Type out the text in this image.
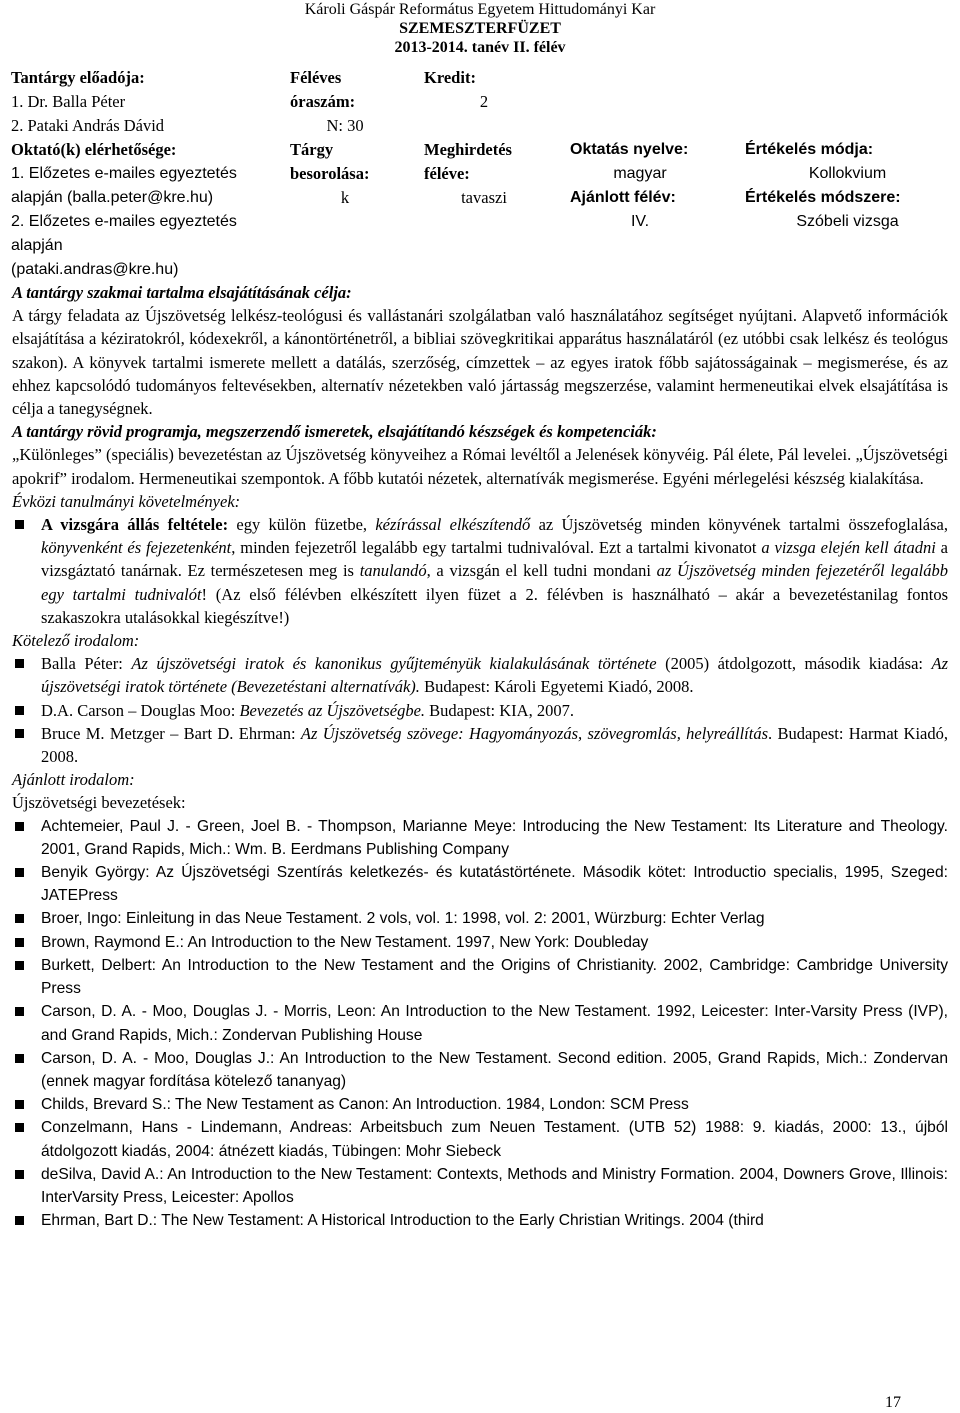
Károli Gáspár Református Egyetem Hittudományi Kar
SZEMESZTERFÜZET
2013-2014. tanév II. félév
Tantárgy előadója:
1. Dr. Balla Péter
2. Pataki András Dávid
Oktató(k) elérhetősége:
1. Előzetes e-mailes egyeztetés
alapján (balla.peter@kre.hu)
2. Előzetes e-mailes egyeztetés
alapján
(pataki.andras@kre.hu)
Féléves
óraszám:
N: 30
Tárgy
besorolása:
k
Kredit:
2
Meghirdetés
féléve:
tavaszi
Oktatás nyelve:
magyar
Ajánlott félév:
IV.
Értékelés módja:
Kollokvium
Értékelés módszere:
Szóbeli vizsga
A tantárgy szakmai tartalma elsajátításának célja:
A tárgy feladata az Újszövetség lelkész-teológusi és vallástanári szolgálatban való használatához segítséget nyújtani. Alapvető információk elsajátítása a kéziratokról, kódexekről, a kánontörténetről, a bibliai szövegkritikai apparátus használatáról (ez utóbbi csak lelkész és teológus szakon). A könyvek tartalmi ismerete mellett a datálás, szerzőség, címzettek – az egyes iratok főbb sajátosságainak – megismerése, és az ehhez kapcsolódó tudományos feltevésekben, alternatív nézetekben való jártasság megszerzése, valamint hermeneutikai elvek elsajátítása is célja a tanegységnek.
A tantárgy rövid programja, megszerzendő ismeretek, elsajátítandó készségek és kompetenciák:
„Különleges” (speciális) bevezetéstan az Újszövetség könyveihez a Római levéltől a Jelenések könyvéig. Pál élete, Pál levelei. „Újszövetségi apokrif” irodalom. Hermeneutikai szempontok. A főbb kutatói nézetek, alternatívák megismerése. Egyéni mérlegelési készség kialakítása.
Évközi tanulmányi követelmények:
A vizsgára állás feltétele: egy külön füzetbe, kézírással elkészítendő az Újszövetség minden könyvének tartalmi összefoglalása, könyvenként és fejezetenként, minden fejezetről legalább egy tartalmi tudnivalóval. Ezt a tartalmi kivonatot a vizsga elején kell átadni a vizsgáztató tanárnak. Ez természetesen meg is tanulandó, a vizsgán el kell tudni mondani az Újszövetség minden fejezetéről legalább egy tartalmi tudnivalót! (Az első félévben elkészített ilyen füzet a 2. félévben is használható – akár a bevezetéstanilag fontos szakaszokra utalásokkal kiegészítve!)
Kötelező irodalom:
Balla Péter: Az újszövetségi iratok és kanonikus gyűjteményük kialakulásának története (2005) átdolgozott, második kiadása: Az újszövetségi iratok története (Bevezetéstani alternatívák). Budapest: Károli Egyetemi Kiadó, 2008.
D.A. Carson – Douglas Moo: Bevezetés az Újszövetségbe. Budapest: KIA, 2007.
Bruce M. Metzger – Bart D. Ehrman: Az Újszövetség szövege: Hagyományozás, szövegromlás, helyreállítás. Budapest: Harmat Kiadó, 2008.
Ajánlott irodalom:
Újszövetségi bevezetések:
Achtemeier, Paul J. - Green, Joel B. - Thompson, Marianne Meye: Introducing the New Testament: Its Literature and Theology. 2001, Grand Rapids, Mich.: Wm. B. Eerdmans Publishing Company
Benyik György: Az Újszövetségi Szentírás keletkezés- és kutatástörténete. Második kötet: Introductio specialis, 1995, Szeged: JATEPress
Broer, Ingo: Einleitung in das Neue Testament. 2 vols, vol. 1: 1998, vol. 2: 2001, Würzburg: Echter Verlag
Brown, Raymond E.: An Introduction to the New Testament. 1997, New York: Doubleday
Burkett, Delbert: An Introduction to the New Testament and the Origins of Christianity. 2002, Cambridge: Cambridge University Press
Carson, D. A. - Moo, Douglas J. - Morris, Leon: An Introduction to the New Testament. 1992, Leicester: Inter-Varsity Press (IVP), and Grand Rapids, Mich.: Zondervan Publishing House
Carson, D. A. - Moo, Douglas J.: An Introduction to the New Testament. Second edition. 2005, Grand Rapids, Mich.: Zondervan (ennek magyar fordítása kötelező tananyag)
Childs, Brevard S.: The New Testament as Canon: An Introduction. 1984, London: SCM Press
Conzelmann, Hans - Lindemann, Andreas: Arbeitsbuch zum Neuen Testament. (UTB 52) 1988: 9. kiadás, 2000: 13., újból átdolgozott kiadás, 2004: átnézett kiadás, Tübingen: Mohr Siebeck
deSilva, David A.: An Introduction to the New Testament: Contexts, Methods and Ministry Formation. 2004, Downers Grove, Illinois: InterVarsity Press, Leicester: Apollos
Ehrman, Bart D.: The New Testament: A Historical Introduction to the Early Christian Writings. 2004 (third
17
